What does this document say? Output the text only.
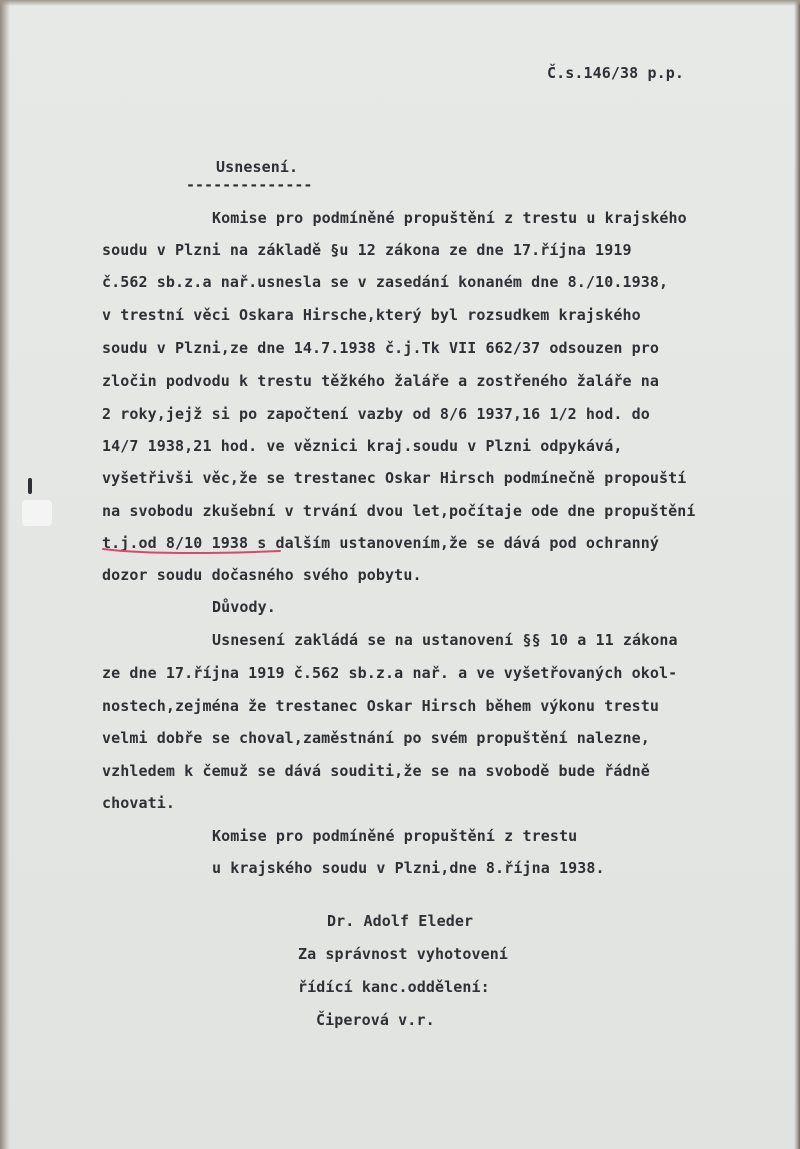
Č.s.146/38 p.p.

Usnesení.

--------------

Komise pro podmíněné propuštění z trestu u krajského

soudu v Plzni na základě §u 12 zákona ze dne 17.října 1919

č.562 sb.z.a nař.usnesla se v zasedání konaném dne 8./10.1938,

v trestní věci Oskara Hirsche,který byl rozsudkem krajského

soudu v Plzni,ze dne 14.7.1938 č.j.Tk VII 662/37 odsouzen pro

zločin podvodu k trestu těžkého žaláře a zostřeného žaláře na

2 roky,jejž si po započtení vazby od 8/6 1937,16 1/2 hod. do

14/7 1938,21 hod. ve věznici kraj.soudu v Plzni odpykává,

vyšetřivši věc,že se trestanec Oskar Hirsch podmínečně propouští

na svobodu zkušební v trvání dvou let,počítaje ode dne propuštění

t.j.od 8/10 1938 s dalším ustanovením,že se dává pod ochranný

dozor soudu dočasného svého pobytu.

Důvody.

Usnesení zakládá se na ustanovení §§ 10 a 11 zákona

ze dne 17.října 1919 č.562 sb.z.a nař. a ve vyšetřovaných okol-

nostech,zejména že trestanec Oskar Hirsch během výkonu trestu

velmi dobře se choval,zaměstnání po svém propuštění nalezne,

vzhledem k čemuž se dává souditi,že se na svobodě bude řádně

chovati.

Komise pro podmíněné propuštění z trestu

u krajského soudu v Plzni,dne 8.října 1938.

Dr. Adolf Eleder

Za správnost vyhotovení

řídící kanc.oddělení:

Čiperová v.r.
